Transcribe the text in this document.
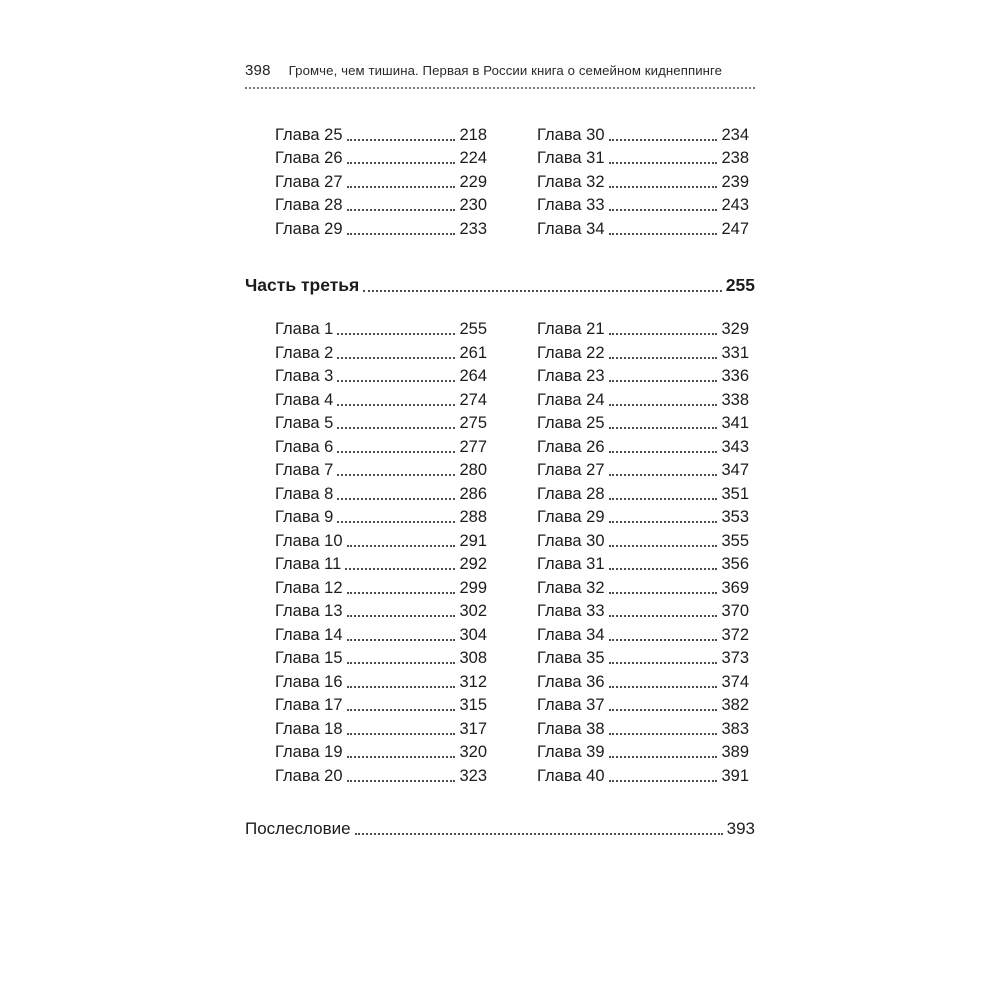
398 Громче, чем тишина. Первая в России книга о семейном киднеппинге
Глава 25	218
Глава 26	224
Глава 27	229
Глава 28	230
Глава 29	233
Глава 30	234
Глава 31	238
Глава 32	239
Глава 33	243
Глава 34	247
Часть третья	255
Глава 1	255
Глава 2	261
Глава 3	264
Глава 4	274
Глава 5	275
Глава 6	277
Глава 7	280
Глава 8	286
Глава 9	288
Глава 10	291
Глава 11	292
Глава 12	299
Глава 13	302
Глава 14	304
Глава 15	308
Глава 16	312
Глава 17	315
Глава 18	317
Глава 19	320
Глава 20	323
Глава 21	329
Глава 22	331
Глава 23	336
Глава 24	338
Глава 25	341
Глава 26	343
Глава 27	347
Глава 28	351
Глава 29	353
Глава 30	355
Глава 31	356
Глава 32	369
Глава 33	370
Глава 34	372
Глава 35	373
Глава 36	374
Глава 37	382
Глава 38	383
Глава 39	389
Глава 40	391
Послесловие	393
